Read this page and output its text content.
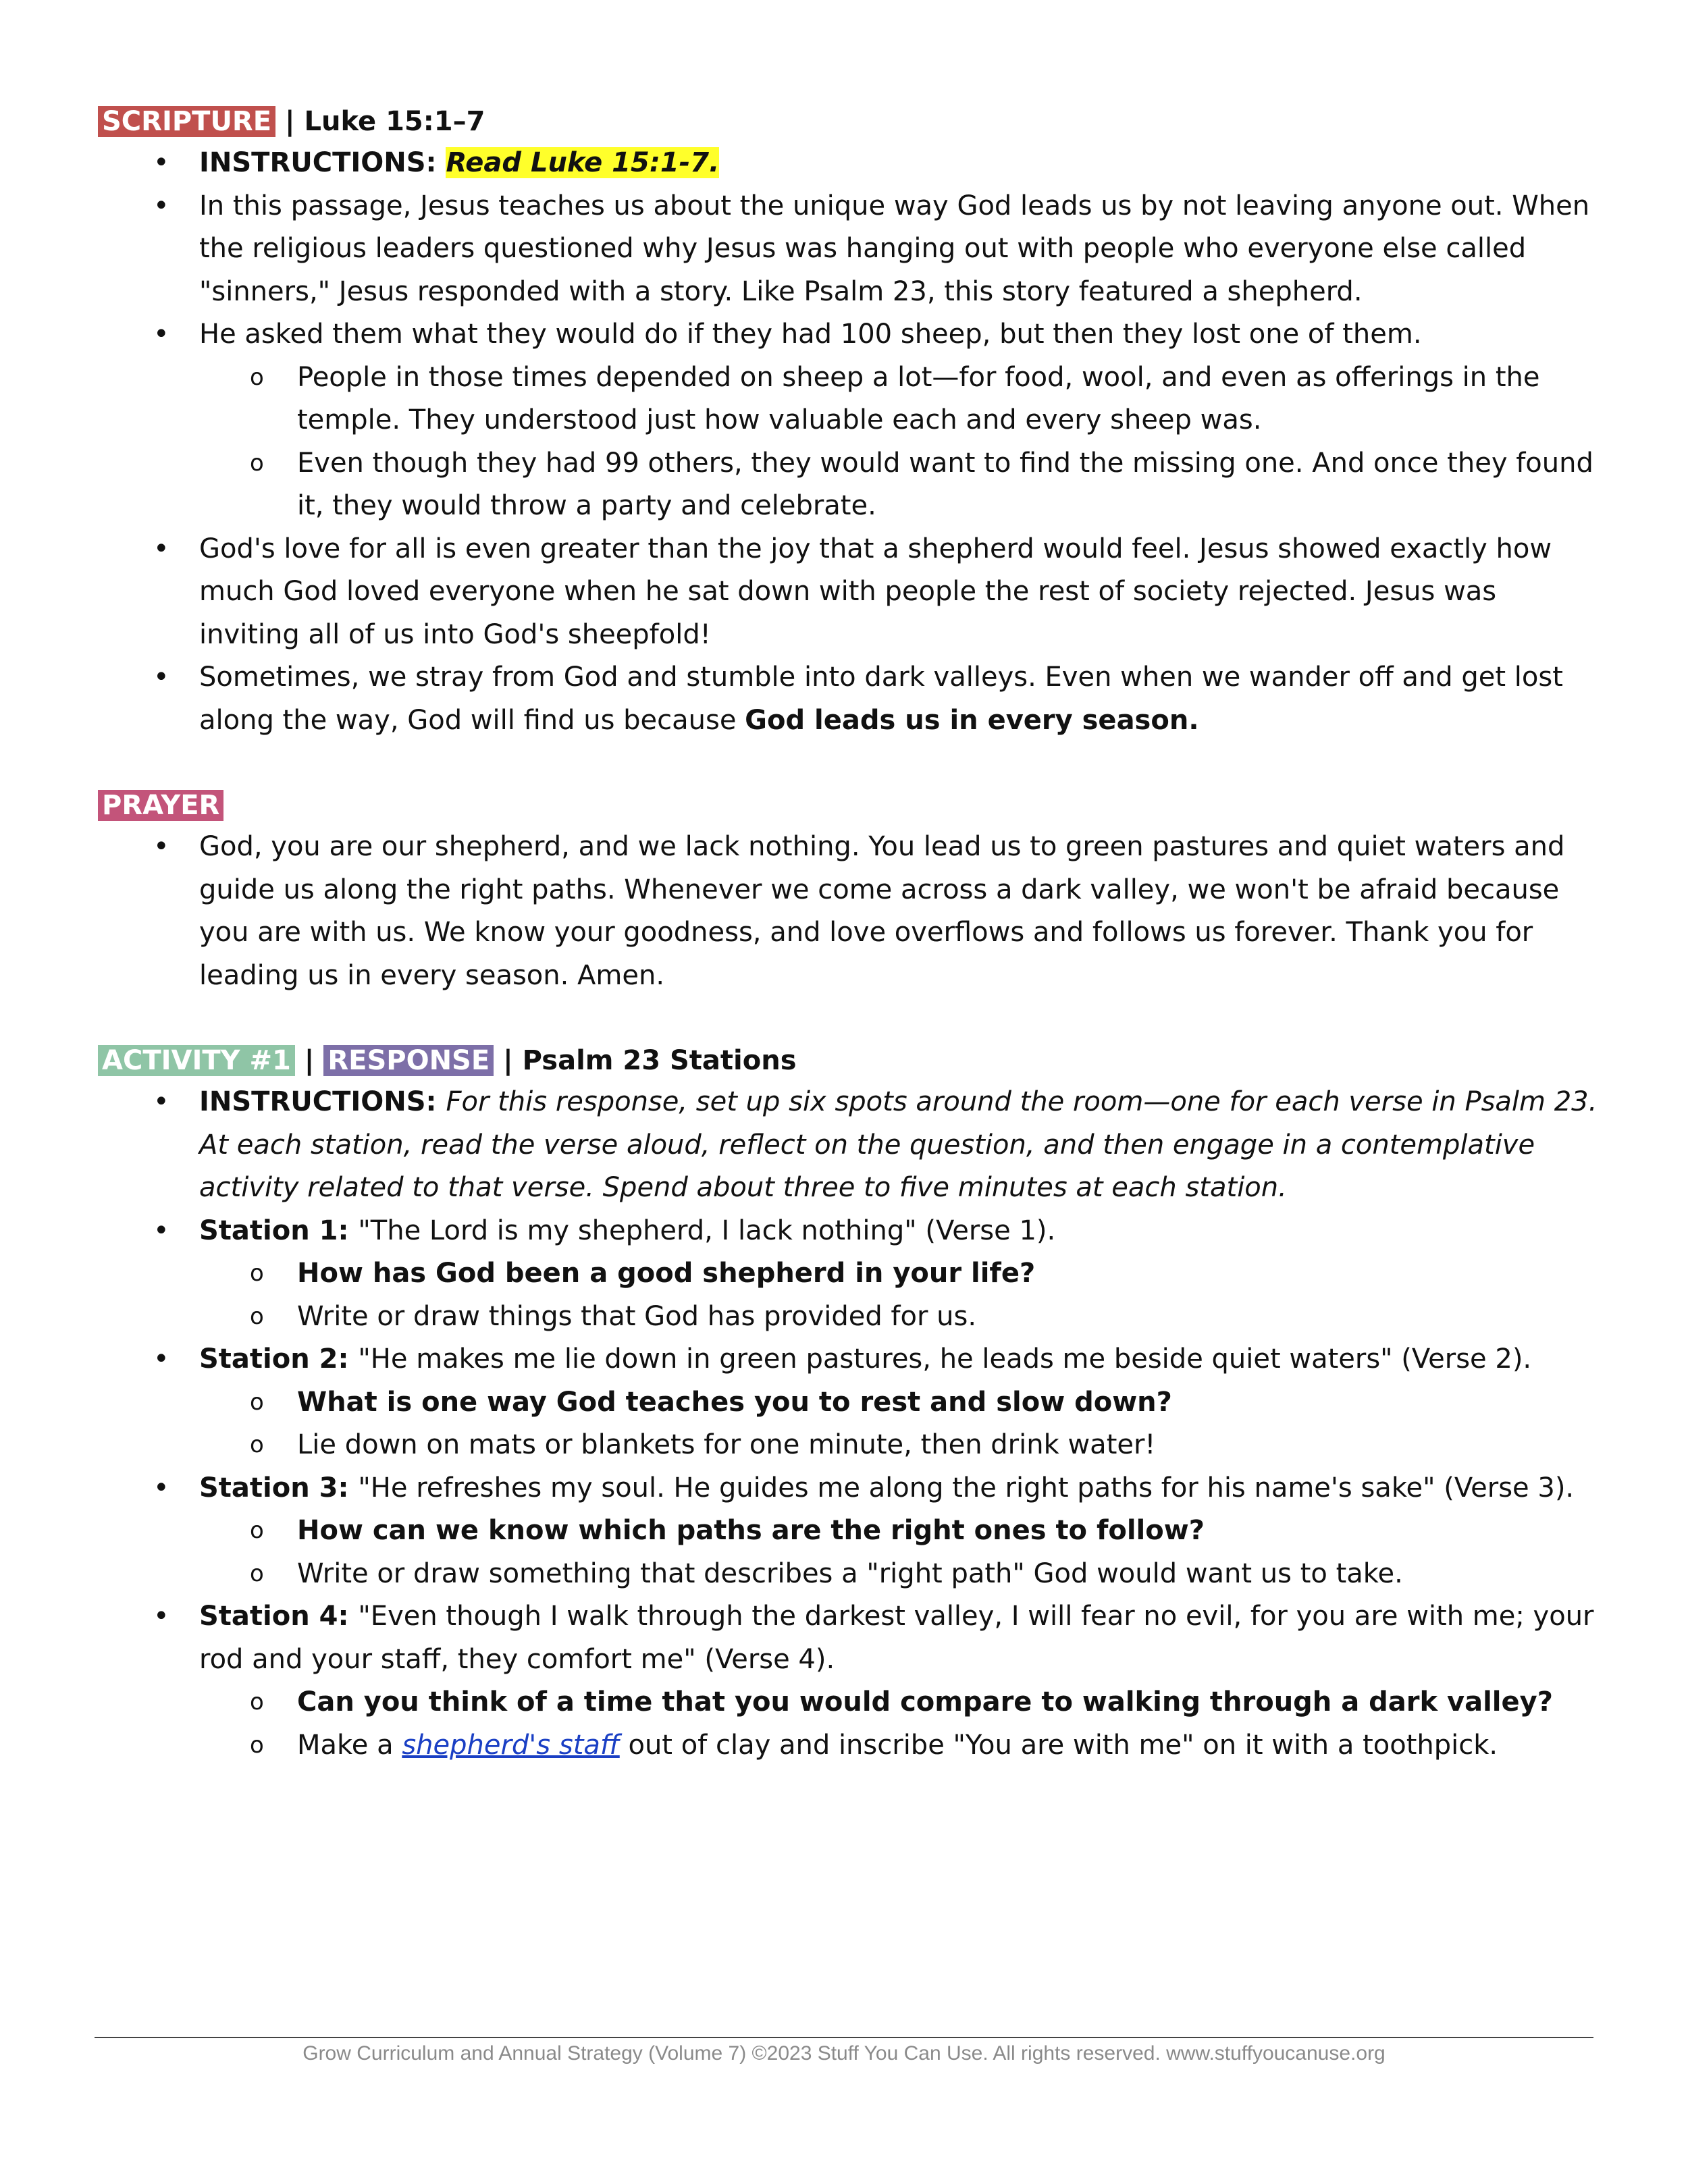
SCRIPTURE | Luke 15:1–7

• INSTRUCTIONS: Read Luke 15:1-7.
• In this passage, Jesus teaches us about the unique way God leads us by not leaving anyone out. When the religious leaders questioned why Jesus was hanging out with people who everyone else called "sinners," Jesus responded with a story. Like Psalm 23, this story featured a shepherd.
• He asked them what they would do if they had 100 sheep, but then they lost one of them.
o People in those times depended on sheep a lot—for food, wool, and even as offerings in the temple. They understood just how valuable each and every sheep was.
o Even though they had 99 others, they would want to find the missing one. And once they found it, they would throw a party and celebrate.
• God's love for all is even greater than the joy that a shepherd would feel. Jesus showed exactly how much God loved everyone when he sat down with people the rest of society rejected. Jesus was inviting all of us into God's sheepfold!
• Sometimes, we stray from God and stumble into dark valleys. Even when we wander off and get lost along the way, God will find us because God leads us in every season.

PRAYER

• God, you are our shepherd, and we lack nothing. You lead us to green pastures and quiet waters and guide us along the right paths. Whenever we come across a dark valley, we won't be afraid because you are with us. We know your goodness, and love overflows and follows us forever. Thank you for leading us in every season. Amen.

ACTIVITY #1 | RESPONSE | Psalm 23 Stations

• INSTRUCTIONS: For this response, set up six spots around the room—one for each verse in Psalm 23. At each station, read the verse aloud, reflect on the question, and then engage in a contemplative activity related to that verse. Spend about three to five minutes at each station.
• Station 1: "The Lord is my shepherd, I lack nothing" (Verse 1).
o How has God been a good shepherd in your life?
o Write or draw things that God has provided for us.
• Station 2: "He makes me lie down in green pastures, he leads me beside quiet waters" (Verse 2).
o What is one way God teaches you to rest and slow down?
o Lie down on mats or blankets for one minute, then drink water!
• Station 3: "He refreshes my soul. He guides me along the right paths for his name's sake" (Verse 3).
o How can we know which paths are the right ones to follow?
o Write or draw something that describes a "right path" God would want us to take.
• Station 4: "Even though I walk through the darkest valley, I will fear no evil, for you are with me; your rod and your staff, they comfort me" (Verse 4).
o Can you think of a time that you would compare to walking through a dark valley?
o Make a shepherd's staff out of clay and inscribe "You are with me" on it with a toothpick.
Grow Curriculum and Annual Strategy (Volume 7) ©2023 Stuff You Can Use. All rights reserved. www.stuffyoucanuse.org
